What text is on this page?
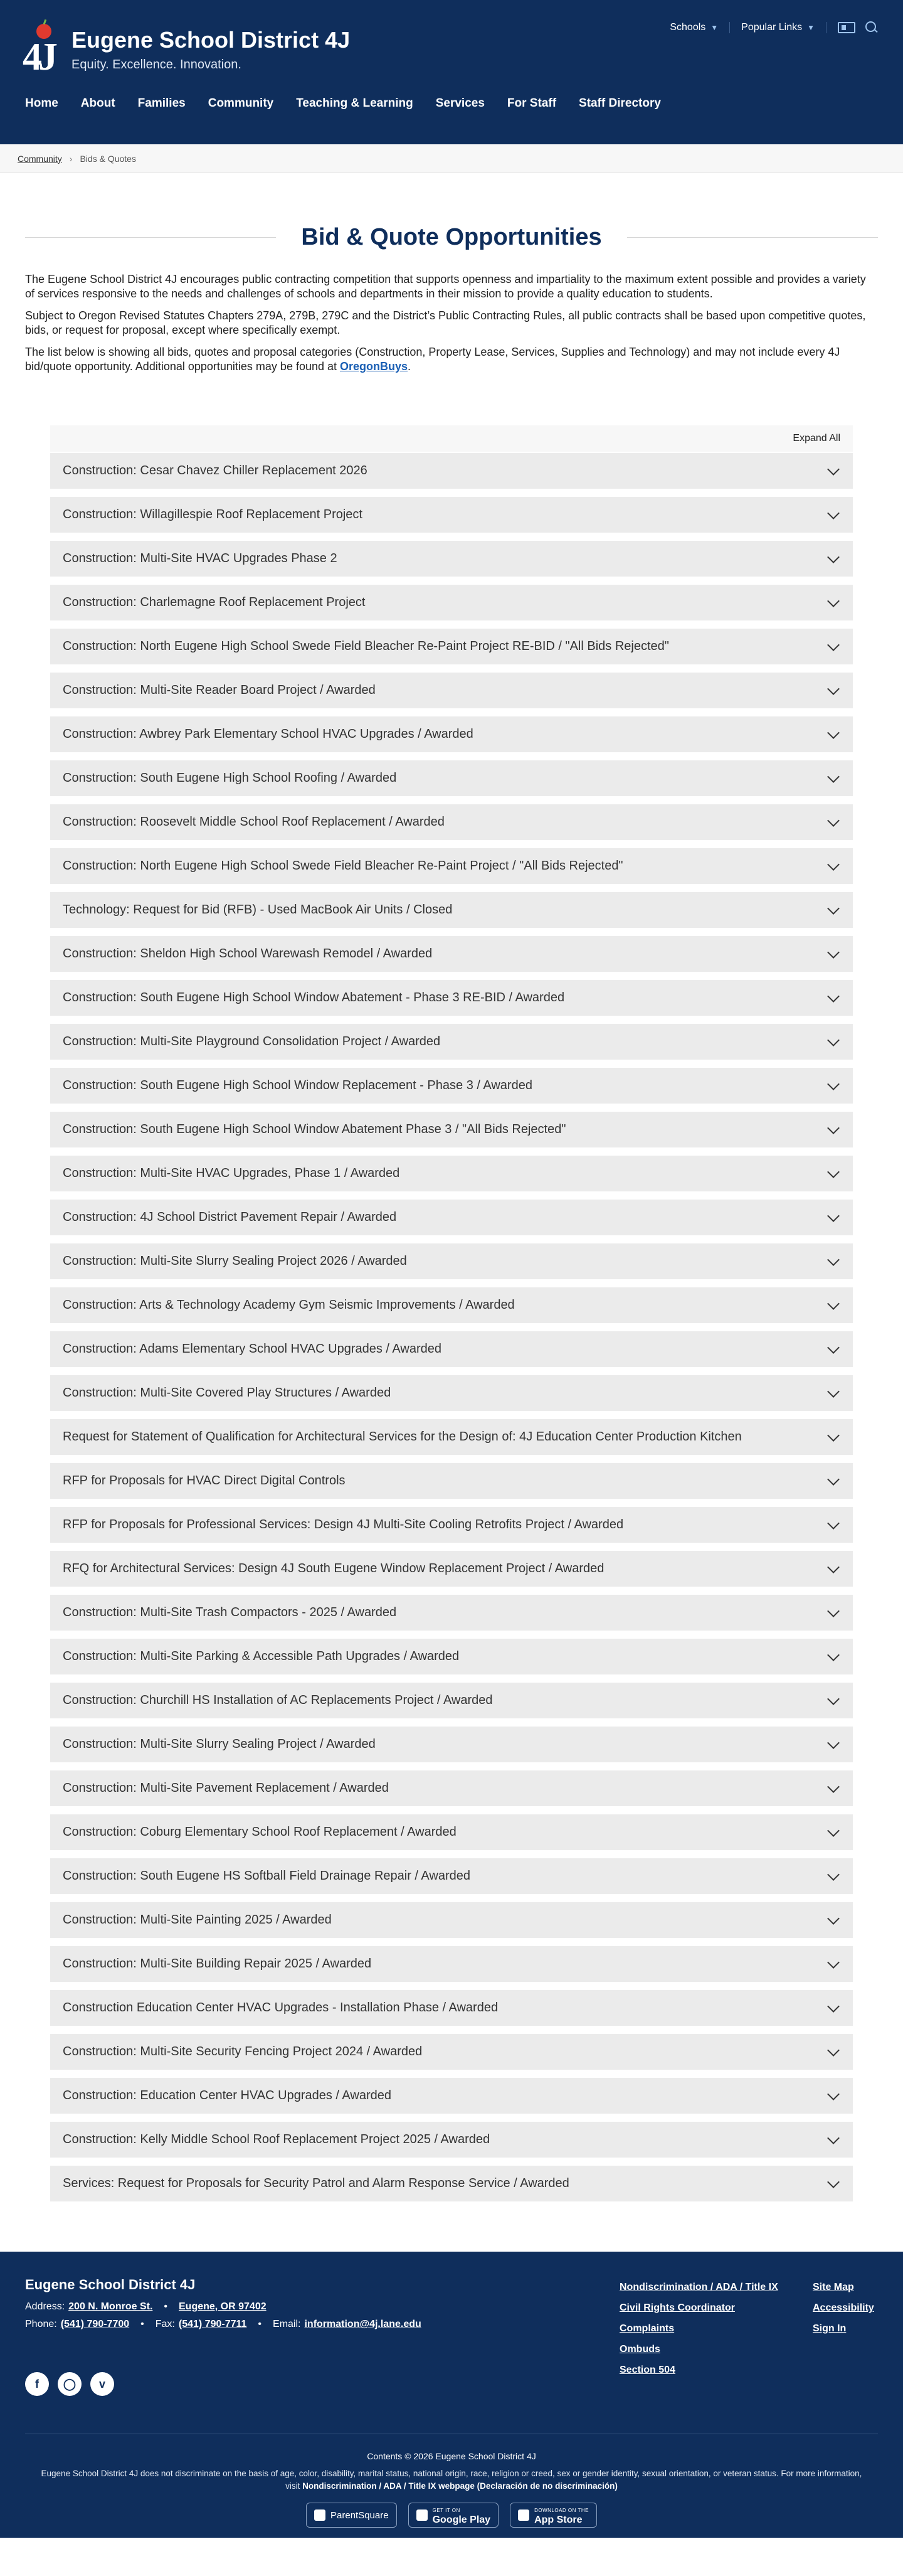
4J Eugene School District 4J
Equity. Excellence. Innovation.
Schools ▼ Popular Links ▼
Home	About	Families	Community	Teaching & Learning	Services	For Staff	Staff Directory
Community › Bids & Quotes
Bid & Quote Opportunities

The Eugene School District 4J encourages public contracting competition that supports openness and impartiality to the maximum extent possible and provides a variety of services responsive to the needs and challenges of schools and departments in their mission to provide a quality education to students.

Subject to Oregon Revised Statutes Chapters 279A, 279B, 279C and the District’s Public Contracting Rules, all public contracts shall be based upon competitive quotes, bids, or request for proposal, except where specifically exempt.

The list below is showing all bids, quotes and proposal categories (Construction, Property Lease, Services, Supplies and Technology) and may not include every 4J bid/quote opportunity. Additional opportunities may be found at OregonBuys.

Expand All
Construction: Cesar Chavez Chiller Replacement 2026
Construction: Willagillespie Roof Replacement Project
Construction: Multi-Site HVAC Upgrades Phase 2
Construction: Charlemagne Roof Replacement Project
Construction: North Eugene High School Swede Field Bleacher Re-Paint Project RE-BID / "All Bids Rejected"
Construction: Multi-Site Reader Board Project / Awarded
Construction: Awbrey Park Elementary School HVAC Upgrades / Awarded
Construction: South Eugene High School Roofing / Awarded
Construction: Roosevelt Middle School Roof Replacement / Awarded
Construction: North Eugene High School Swede Field Bleacher Re-Paint Project / "All Bids Rejected"
Technology: Request for Bid (RFB) - Used MacBook Air Units / Closed
Construction: Sheldon High School Warewash Remodel / Awarded
Construction: South Eugene High School Window Abatement - Phase 3 RE-BID / Awarded
Construction: Multi-Site Playground Consolidation Project / Awarded
Construction: South Eugene High School Window Replacement - Phase 3 / Awarded
Construction: South Eugene High School Window Abatement Phase 3 / "All Bids Rejected"
Construction: Multi-Site HVAC Upgrades, Phase 1 / Awarded
Construction: 4J School District Pavement Repair / Awarded
Construction: Multi-Site Slurry Sealing Project 2026 / Awarded
Construction: Arts & Technology Academy Gym Seismic Improvements / Awarded
Construction: Adams Elementary School HVAC Upgrades / Awarded
Construction: Multi-Site Covered Play Structures / Awarded
Request for Statement of Qualification for Architectural Services for the Design of: 4J Education Center Production Kitchen
RFP for Proposals for HVAC Direct Digital Controls
RFP for Proposals for Professional Services: Design 4J Multi-Site Cooling Retrofits Project / Awarded
RFQ for Architectural Services: Design 4J South Eugene Window Replacement Project / Awarded
Construction: Multi-Site Trash Compactors - 2025 / Awarded
Construction: Multi-Site Parking & Accessible Path Upgrades / Awarded
Construction: Churchill HS Installation of AC Replacements Project / Awarded
Construction: Multi-Site Slurry Sealing Project / Awarded
Construction: Multi-Site Pavement Replacement / Awarded
Construction: Coburg Elementary School Roof Replacement / Awarded
Construction: South Eugene HS Softball Field Drainage Repair / Awarded
Construction: Multi-Site Painting 2025 / Awarded
Construction: Multi-Site Building Repair 2025 / Awarded
Construction Education Center HVAC Upgrades - Installation Phase / Awarded
Construction: Multi-Site Security Fencing Project 2024 / Awarded
Construction: Education Center HVAC Upgrades / Awarded
Construction: Kelly Middle School Roof Replacement Project 2025 / Awarded
Services: Request for Proposals for Security Patrol and Alarm Response Service / Awarded
Eugene School District 4J
Address: 200 N. Monroe St. • Eugene, OR 97402
Phone: (541) 790-7700 • Fax: (541) 790-7711 • Email: information@4j.lane.edu
f	◯	v
Nondiscrimination / ADA / Title IX
Civil Rights Coordinator
Complaints
Ombuds
Section 504
Site Map
Accessibility
Sign In
Contents © 2026 Eugene School District 4J
Eugene School District 4J does not discriminate on the basis of age, color, disability, marital status, national origin, race, religion or creed, sex or gender identity, sexual orientation, or veteran status. For more information, visit Nondiscrimination / ADA / Title IX webpage (Declaración de no discriminación)
ParentSquare	GET IT ON
Google Play
DOWNLOAD ON THE
App Store
